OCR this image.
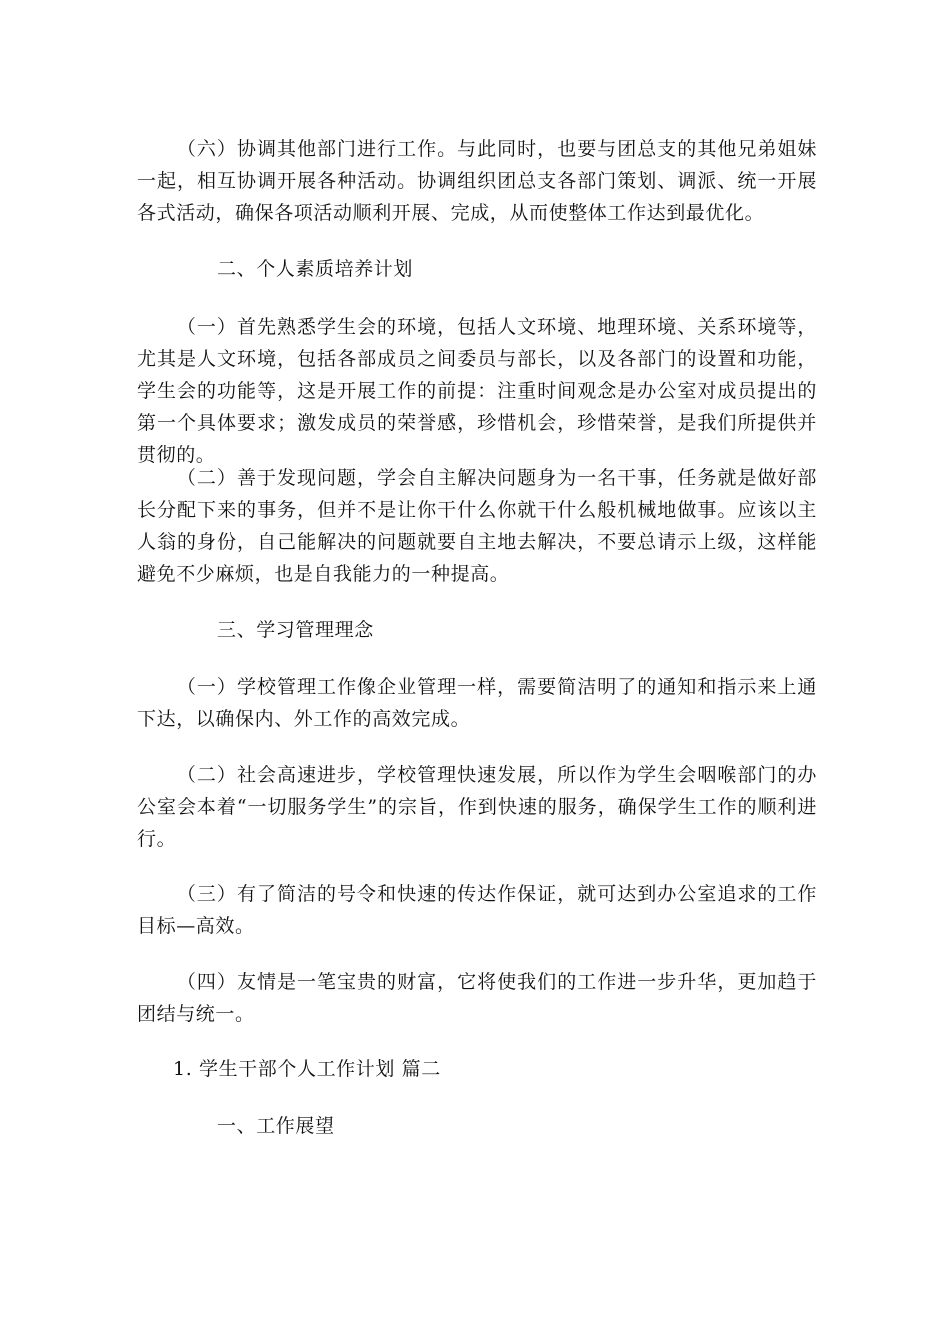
（六）协调其他部门进行工作。与此同时，也要与团总支的其他兄弟姐妹一起，相互协调开展各种活动。协调组织团总支各部门策划、调派、统一开展各式活动，确保各项活动顺利开展、完成，从而使整体工作达到最优化。

二、个人素质培养计划

（一）首先熟悉学生会的环境，包括人文环境、地理环境、关系环境等，尤其是人文环境，包括各部成员之间委员与部长，以及各部门的设置和功能，学生会的功能等，这是开展工作的前提：注重时间观念是办公室对成员提出的第一个具体要求；激发成员的荣誉感，珍惜机会，珍惜荣誉，是我们所提供并贯彻的。

（二）善于发现问题，学会自主解决问题身为一名干事，任务就是做好部长分配下来的事务，但并不是让你干什么你就干什么般机械地做事。应该以主人翁的身份，自己能解决的问题就要自主地去解决，不要总请示上级，这样能避免不少麻烦，也是自我能力的一种提高。

三、学习管理理念

（一）学校管理工作像企业管理一样，需要简洁明了的通知和指示来上通下达，以确保内、外工作的高效完成。

（二）社会高速进步，学校管理快速发展，所以作为学生会咽喉部门的办公室会本着“一切服务学生”的宗旨，作到快速的服务，确保学生工作的顺利进行。

（三）有了简洁的号令和快速的传达作保证，就可达到办公室追求的工作目标—高效。

（四）友情是一笔宝贵的财富，它将使我们的工作进一步升华，更加趋于团结与统一。

1. 学生干部个人工作计划 篇二

一、工作展望
